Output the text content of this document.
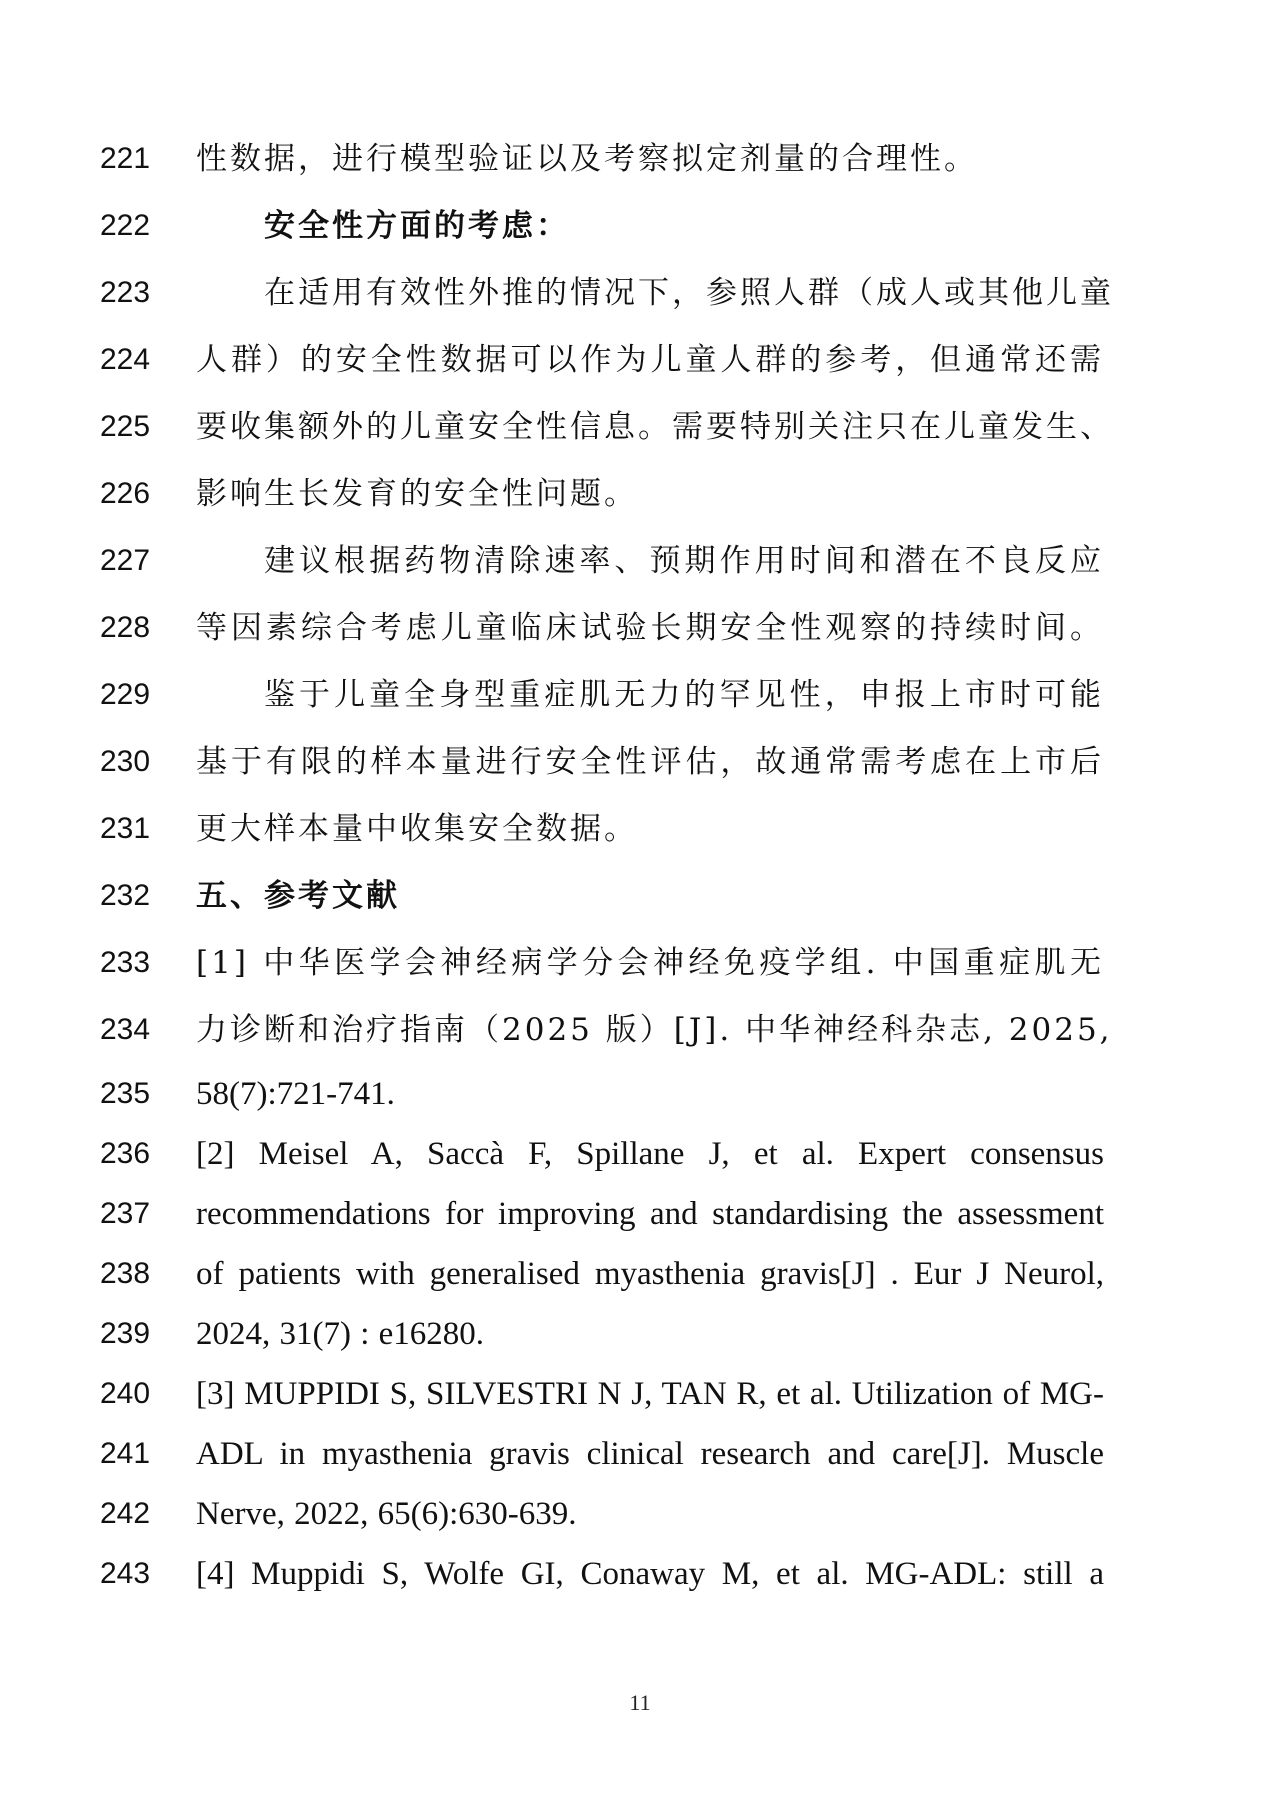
221	性数据，进行模型验证以及考察拟定剂量的合理性。
222	安全性方面的考虑：
223	在适用有效性外推的情况下，参照人群（成人或其他儿童
224	人群）的安全性数据可以作为儿童人群的参考，但通常还需
225	要收集额外的儿童安全性信息。需要特别关注只在儿童发生、
226	影响生长发育的安全性问题。
227	建议根据药物清除速率、预期作用时间和潜在不良反应
228	等因素综合考虑儿童临床试验长期安全性观察的持续时间。
229	鉴于儿童全身型重症肌无力的罕见性，申报上市时可能
230	基于有限的样本量进行安全性评估，故通常需考虑在上市后
231	更大样本量中收集安全数据。
232	五、参考文献
233	[1] 中华医学会神经病学分会神经免疫学组. 中国重症肌无
234	力诊断和治疗指南（2025 版）[J]. 中华神经科杂志, 2025,
235	58(7):721-741.
236	[2] Meisel A, Saccà F, Spillane J, et al. Expert consensus
237	recommendations for improving and standardising the assessment
238	of patients with generalised myasthenia gravis[J] . Eur J Neurol,
239	2024, 31(7) : e16280.
240	[3] MUPPIDI S, SILVESTRI N J, TAN R, et al. Utilization of MG-
241	ADL in myasthenia gravis clinical research and care[J]. Muscle
242	Nerve, 2022, 65(6):630-639.
243	[4] Muppidi S, Wolfe GI, Conaway M, et al. MG-ADL: still a
11
